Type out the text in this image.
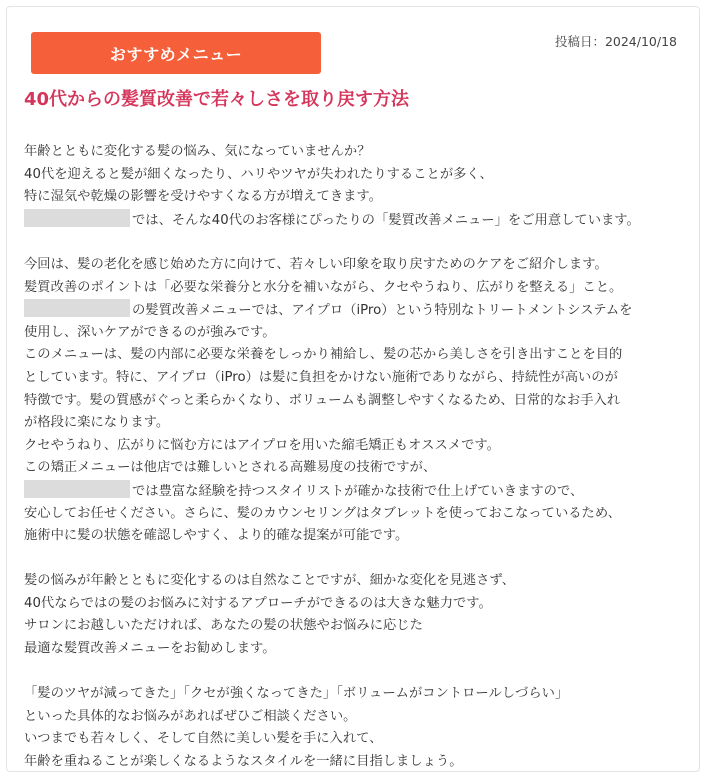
おすすめメニュー
投稿日：2024/10/18
40代からの髪質改善で若々しさを取り戻す方法
年齢とともに変化する髪の悩み、気になっていませんか？
40代を迎えると髪が細くなったり、ハリやツヤが失われたりすることが多く、
特に湿気や乾燥の影響を受けやすくなる方が増えてきます。
では、そんな40代のお客様にぴったりの「髪質改善メニュー」をご用意しています。
今回は、髪の老化を感じ始めた方に向けて、若々しい印象を取り戻すためのケアをご紹介します。
髪質改善のポイントは「必要な栄養分と水分を補いながら、クセやうねり、広がりを整える」こと。
の髪質改善メニューでは、アイプロ（iPro）という特別なトリートメントシステムを
使用し、深いケアができるのが強みです。
このメニューは、髪の内部に必要な栄養をしっかり補給し、髪の芯から美しさを引き出すことを目的
としています。特に、アイプロ（iPro）は髪に負担をかけない施術でありながら、持続性が高いのが
特徴です。髪の質感がぐっと柔らかくなり、ボリュームも調整しやすくなるため、日常的なお手入れ
が格段に楽になります。
クセやうねり、広がりに悩む方にはアイプロを用いた縮毛矯正もオススメです。
この矯正メニューは他店では難しいとされる高難易度の技術ですが、
では豊富な経験を持つスタイリストが確かな技術で仕上げていきますので、
安心してお任せください。さらに、髪のカウンセリングはタブレットを使っておこなっているため、
施術中に髪の状態を確認しやすく、より的確な提案が可能です。
髪の悩みが年齢とともに変化するのは自然なことですが、細かな変化を見逃さず、
40代ならではの髪のお悩みに対するアプローチができるのは大きな魅力です。
サロンにお越しいただければ、あなたの髪の状態やお悩みに応じた
最適な髪質改善メニューをお勧めします。
「髪のツヤが減ってきた」「クセが強くなってきた」「ボリュームがコントロールしづらい」
といった具体的なお悩みがあればぜひご相談ください。
いつまでも若々しく、そして自然に美しい髪を手に入れて、
年齢を重ねることが楽しくなるようなスタイルを一緒に目指しましょう。
